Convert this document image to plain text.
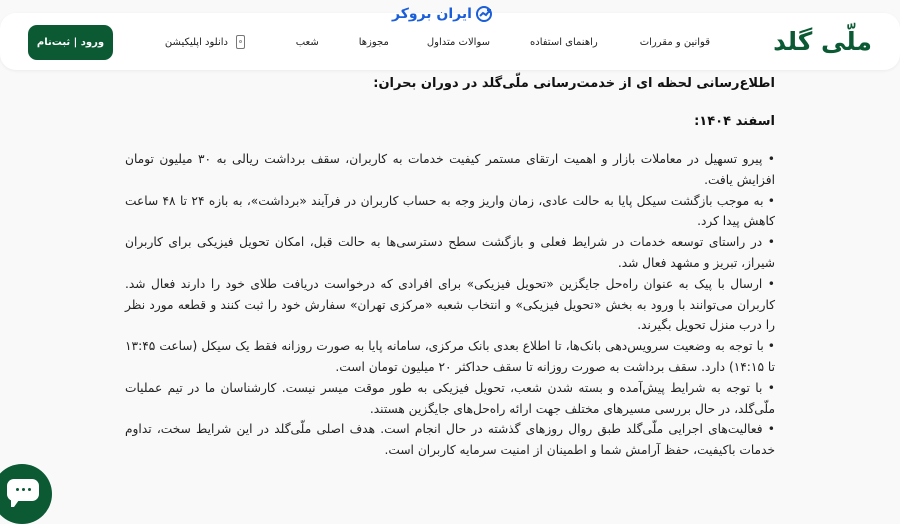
ملّی گلد
قوانین و مقررات
راهنمای استفاده
سوالات متداول
مجوزها
شعب
دانلود اپلیکیشن
ورود | ثبت‌نام
ایران بروکر
اطلاع‌رسانی لحظه ای از خدمت‌رسانی ملّی‌گلد در دوران بحران:
اسفند ۱۴۰۴:

• پیرو تسهیل در معاملات بازار و اهمیت ارتقای مستمر کیفیت خدمات به کاربران، سقف برداشت ریالی به ۳۰ میلیون تومان افزایش یافت.

• به موجب بازگشت سیکل پایا به حالت عادی، زمان واریز وجه به حساب کاربران در فرآیند «برداشت»، به بازه ۲۴ تا ۴۸ ساعت کاهش پیدا کرد.

• در راستای توسعه خدمات در شرایط فعلی و بازگشت سطح دسترسی‌ها به حالت قبل، امکان تحویل فیزیکی برای کاربران شیراز، تبریز و مشهد فعال شد.

• ارسال با پیک به عنوان راه‌حل جایگزین «تحویل فیزیکی» برای افرادی که درخواست دریافت طلای خود را دارند فعال شد. کاربران می‌توانند با ورود به بخش «تحویل فیزیکی» و انتخاب شعبه «مرکزی تهران» سفارش خود را ثبت کنند و قطعه مورد نظر را درب منزل تحویل بگیرند.

• با توجه به وضعیت سرویس‌دهی بانک‌ها، تا اطلاع بعدی بانک مرکزی، سامانه پایا به صورت روزانه فقط یک سیکل (ساعت ۱۳:۴۵ تا ۱۴:۱۵) دارد. سقف برداشت به صورت روزانه تا سقف حداکثر ۲۰ میلیون تومان است.

• با توجه به شرایط پیش‌آمده و بسته شدن شعب، تحویل فیزیکی به طور موقت میسر نیست. کارشناسان ما در تیم عملیات ملّی‌گلد، در حال بررسی مسیرهای مختلف جهت ارائه راه‌حل‌های جایگزین هستند.

• فعالیت‌های اجرایی ملّی‌گلد طبق روال روزهای گذشته در حال انجام است. هدف اصلی ملّی‌گلد در این شرایط سخت، تداوم خدمات باکیفیت، حفظ آرامش شما و اطمینان از امنیت سرمایه کاربران است.
